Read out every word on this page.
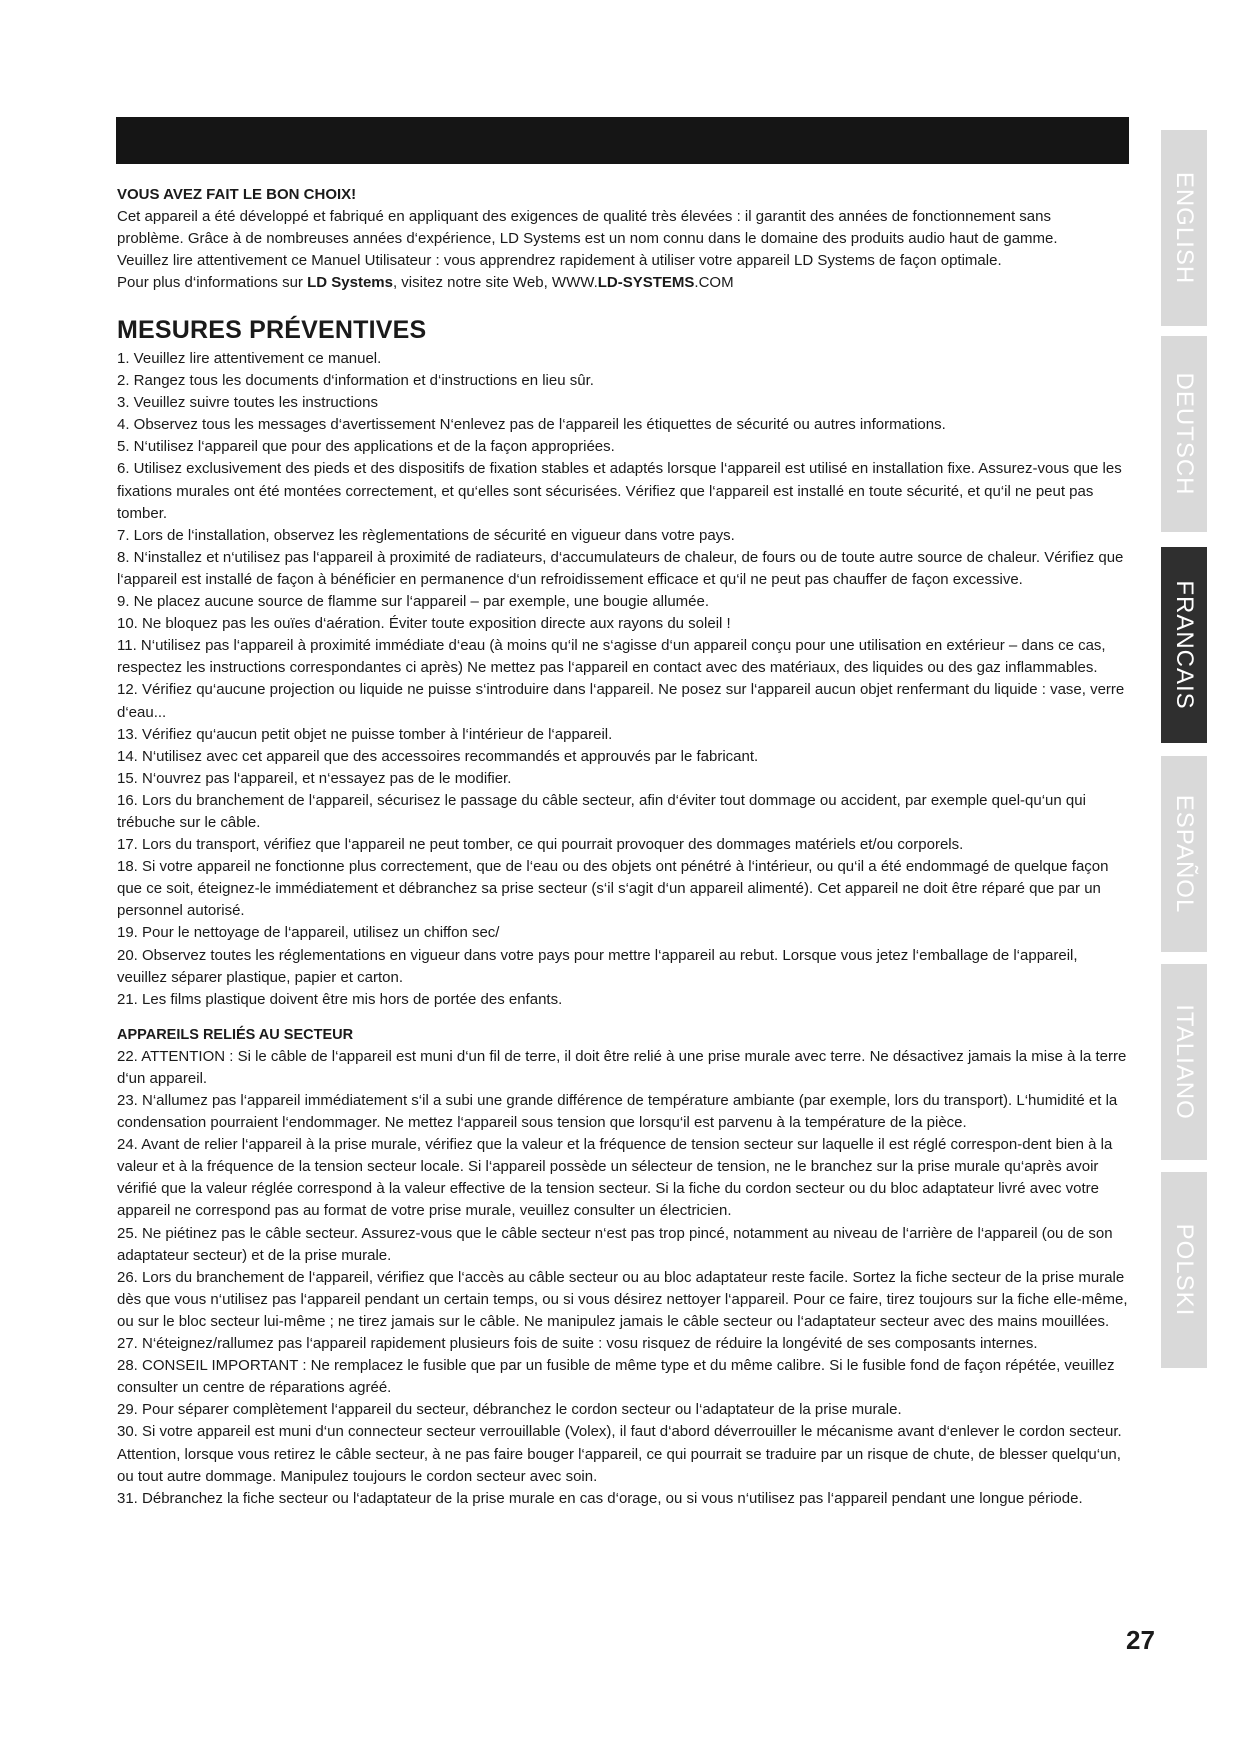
VOUS AVEZ FAIT LE BON CHOIX!

Cet appareil a été développé et fabriqué en appliquant des exigences de qualité très élevées : il garantit des années de fonctionnement sans

problème. Grâce à de nombreuses années d‘expérience, LD Systems est un nom connu dans le domaine des produits audio haut de gamme.

Veuillez lire attentivement ce Manuel Utilisateur : vous apprendrez rapidement à utiliser votre appareil LD Systems de façon optimale.

Pour plus d‘informations sur LD Systems, visitez notre site Web, WWW.LD-SYSTEMS.COM

MESURES PRÉVENTIVES
1. Veuillez lire attentivement ce manuel.
2. Rangez tous les documents d‘information et d‘instructions en lieu sûr.
3. Veuillez suivre toutes les instructions
4. Observez tous les messages d‘avertissement N‘enlevez pas de l‘appareil les étiquettes de sécurité ou autres informations.
5. N‘utilisez l‘appareil que pour des applications et de la façon appropriées.
6. Utilisez exclusivement des pieds et des dispositifs de fixation stables et adaptés lorsque l‘appareil est utilisé en installation fixe. Assurez-vous que les fixations murales ont été montées correctement, et qu‘elles sont sécurisées. Vérifiez que l‘appareil est installé en toute sécurité, et qu‘il ne peut pas tomber.
7. Lors de l‘installation, observez les règlementations de sécurité en vigueur dans votre pays.
8. N‘installez et n‘utilisez pas l‘appareil à proximité de radiateurs, d‘accumulateurs de chaleur, de fours ou de toute autre source de chaleur. Vérifiez que l‘appareil est installé de façon à bénéficier en permanence d‘un refroidissement efficace et qu‘il ne peut pas chauffer de façon excessive.
9. Ne placez aucune source de flamme sur l‘appareil – par exemple, une bougie allumée.
10. Ne bloquez pas les ouïes d‘aération. Éviter toute exposition directe aux rayons du soleil !
11. N‘utilisez pas l‘appareil à proximité immédiate d‘eau (à moins qu‘il ne s‘agisse d‘un appareil conçu pour une utilisation en extérieur – dans ce cas, respectez les instructions correspondantes ci après) Ne mettez pas l‘appareil en contact avec des matériaux, des liquides ou des gaz inflammables.
12. Vérifiez qu‘aucune projection ou liquide ne puisse s‘introduire dans l‘appareil. Ne posez sur l‘appareil aucun objet renfermant du liquide : vase, verre d‘eau...
13. Vérifiez qu‘aucun petit objet ne puisse tomber à l‘intérieur de l‘appareil.
14. N‘utilisez avec cet appareil que des accessoires recommandés et approuvés par le fabricant.
15. N‘ouvrez pas l‘appareil, et n‘essayez pas de le modifier.
16. Lors du branchement de l‘appareil, sécurisez le passage du câble secteur, afin d‘éviter tout dommage ou accident, par exemple quel-qu‘un qui trébuche sur le câble.
17. Lors du transport, vérifiez que l‘appareil ne peut tomber, ce qui pourrait provoquer des dommages matériels et/ou corporels.
18. Si votre appareil ne fonctionne plus correctement, que de l‘eau ou des objets ont pénétré à l‘intérieur, ou qu‘il a été endommagé de quelque façon que ce soit, éteignez-le immédiatement et débranchez sa prise secteur (s‘il s‘agit d‘un appareil alimenté). Cet appareil ne doit être réparé que par un personnel autorisé.
19. Pour le nettoyage de l‘appareil, utilisez un chiffon sec/
20. Observez toutes les réglementations en vigueur dans votre pays pour mettre l‘appareil au rebut. Lorsque vous jetez l‘emballage de l‘appareil, veuillez séparer plastique, papier et carton.
21. Les films plastique doivent être mis hors de portée des enfants.
APPAREILS RELIÉS AU SECTEUR
22. ATTENTION : Si le câble de l‘appareil est muni d‘un fil de terre, il doit être relié à une prise murale avec terre. Ne désactivez jamais la mise à la terre d‘un appareil.
23. N‘allumez pas l‘appareil immédiatement s‘il a subi une grande différence de température ambiante (par exemple, lors du transport). L‘humidité et la condensation pourraient l‘endommager. Ne mettez l‘appareil sous tension que lorsqu‘il est parvenu à la température de la pièce.
24. Avant de relier l‘appareil à la prise murale, vérifiez que la valeur et la fréquence de tension secteur sur laquelle il est réglé correspon-dent bien à la valeur et à la fréquence de la tension secteur locale. Si l‘appareil possède un sélecteur de tension, ne le branchez sur la prise murale qu‘après avoir vérifié que la valeur réglée correspond à la valeur effective de la tension secteur. Si la fiche du cordon secteur ou du bloc adaptateur livré avec votre appareil ne correspond pas au format de votre prise murale, veuillez consulter un électricien.
25. Ne piétinez pas le câble secteur. Assurez-vous que le câble secteur n‘est pas trop pincé, notamment au niveau de l‘arrière de l‘appareil (ou de son adaptateur secteur) et de la prise murale.
26. Lors du branchement de l‘appareil, vérifiez que l‘accès au câble secteur ou au bloc adaptateur reste facile. Sortez la fiche secteur de la prise murale dès que vous n‘utilisez pas l‘appareil pendant un certain temps, ou si vous désirez nettoyer l‘appareil. Pour ce faire, tirez toujours sur la fiche elle-même, ou sur le bloc secteur lui-même ; ne tirez jamais sur le câble. Ne manipulez jamais le câble secteur ou l‘adaptateur secteur avec des mains mouillées.
27. N‘éteignez/rallumez pas l‘appareil rapidement plusieurs fois de suite : vosu risquez de réduire la longévité de ses composants internes.
28. CONSEIL IMPORTANT : Ne remplacez le fusible que par un fusible de même type et du même calibre. Si le fusible fond de façon répétée, veuillez consulter un centre de réparations agréé.
29. Pour séparer complètement l‘appareil du secteur, débranchez le cordon secteur ou l‘adaptateur de la prise murale.
30. Si votre appareil est muni d‘un connecteur secteur verrouillable (Volex), il faut d‘abord déverrouiller le mécanisme avant d‘enlever le cordon secteur. Attention, lorsque vous retirez le câble secteur, à ne pas faire bouger l‘appareil, ce qui pourrait se traduire par un risque de chute, de blesser quelqu‘un, ou tout autre dommage. Manipulez toujours le cordon secteur avec soin.
31. Débranchez la fiche secteur ou l‘adaptateur de la prise murale en cas d‘orage, ou si vous n‘utilisez pas l‘appareil pendant une longue période.
ENGLISH
DEUTSCH
FRANCAIS
ESPAÑOL
ITALIANO
POLSKI
27
